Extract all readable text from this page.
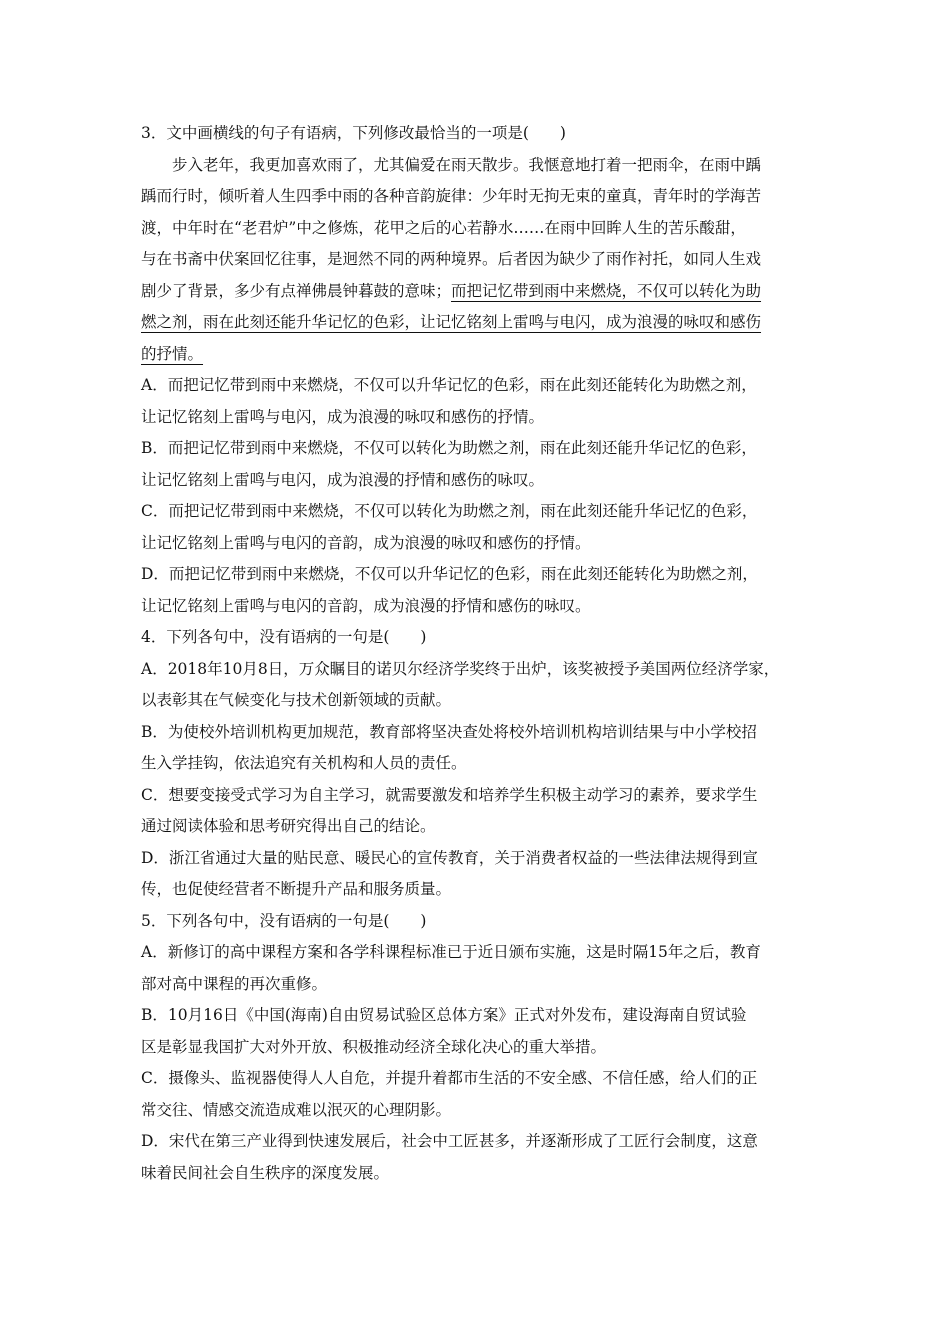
3．文中画横线的句子有语病，下列修改最恰当的一项是(　　)
步入老年，我更加喜欢雨了，尤其偏爱在雨天散步。我惬意地打着一把雨伞，在雨中踽
踽而行时，倾听着人生四季中雨的各种音韵旋律：少年时无拘无束的童真，青年时的学海苦
渡，中年时在“老君炉”中之修炼，花甲之后的心若静水……在雨中回眸人生的苦乐酸甜，
与在书斋中伏案回忆往事，是迥然不同的两种境界。后者因为缺少了雨作衬托，如同人生戏
剧少了背景，多少有点禅佛晨钟暮鼓的意味；而把记忆带到雨中来燃烧，不仅可以转化为助
燃之剂，雨在此刻还能升华记忆的色彩，让记忆铭刻上雷鸣与电闪，成为浪漫的咏叹和感伤
的抒情。
A．而把记忆带到雨中来燃烧，不仅可以升华记忆的色彩，雨在此刻还能转化为助燃之剂，
让记忆铭刻上雷鸣与电闪，成为浪漫的咏叹和感伤的抒情。
B．而把记忆带到雨中来燃烧，不仅可以转化为助燃之剂，雨在此刻还能升华记忆的色彩，
让记忆铭刻上雷鸣与电闪，成为浪漫的抒情和感伤的咏叹。
C．而把记忆带到雨中来燃烧，不仅可以转化为助燃之剂，雨在此刻还能升华记忆的色彩，
让记忆铭刻上雷鸣与电闪的音韵，成为浪漫的咏叹和感伤的抒情。
D．而把记忆带到雨中来燃烧，不仅可以升华记忆的色彩，雨在此刻还能转化为助燃之剂，
让记忆铭刻上雷鸣与电闪的音韵，成为浪漫的抒情和感伤的咏叹。
4．下列各句中，没有语病的一句是(　　)
A．2018年10月8日，万众瞩目的诺贝尔经济学奖终于出炉，该奖被授予美国两位经济学家，
以表彰其在气候变化与技术创新领域的贡献。
B．为使校外培训机构更加规范，教育部将坚决查处将校外培训机构培训结果与中小学校招
生入学挂钩，依法追究有关机构和人员的责任。
C．想要变接受式学习为自主学习，就需要激发和培养学生积极主动学习的素养，要求学生
通过阅读体验和思考研究得出自己的结论。
D．浙江省通过大量的贴民意、暖民心的宣传教育，关于消费者权益的一些法律法规得到宣
传，也促使经营者不断提升产品和服务质量。
5．下列各句中，没有语病的一句是(　　)
A．新修订的高中课程方案和各学科课程标准已于近日颁布实施，这是时隔15年之后，教育
部对高中课程的再次重修。
B．10月16日《中国(海南)自由贸易试验区总体方案》正式对外发布，建设海南自贸试验
区是彰显我国扩大对外开放、积极推动经济全球化决心的重大举措。
C．摄像头、监视器使得人人自危，并提升着都市生活的不安全感、不信任感，给人们的正
常交往、情感交流造成难以泯灭的心理阴影。
D．宋代在第三产业得到快速发展后，社会中工匠甚多，并逐渐形成了工匠行会制度，这意
味着民间社会自生秩序的深度发展。
